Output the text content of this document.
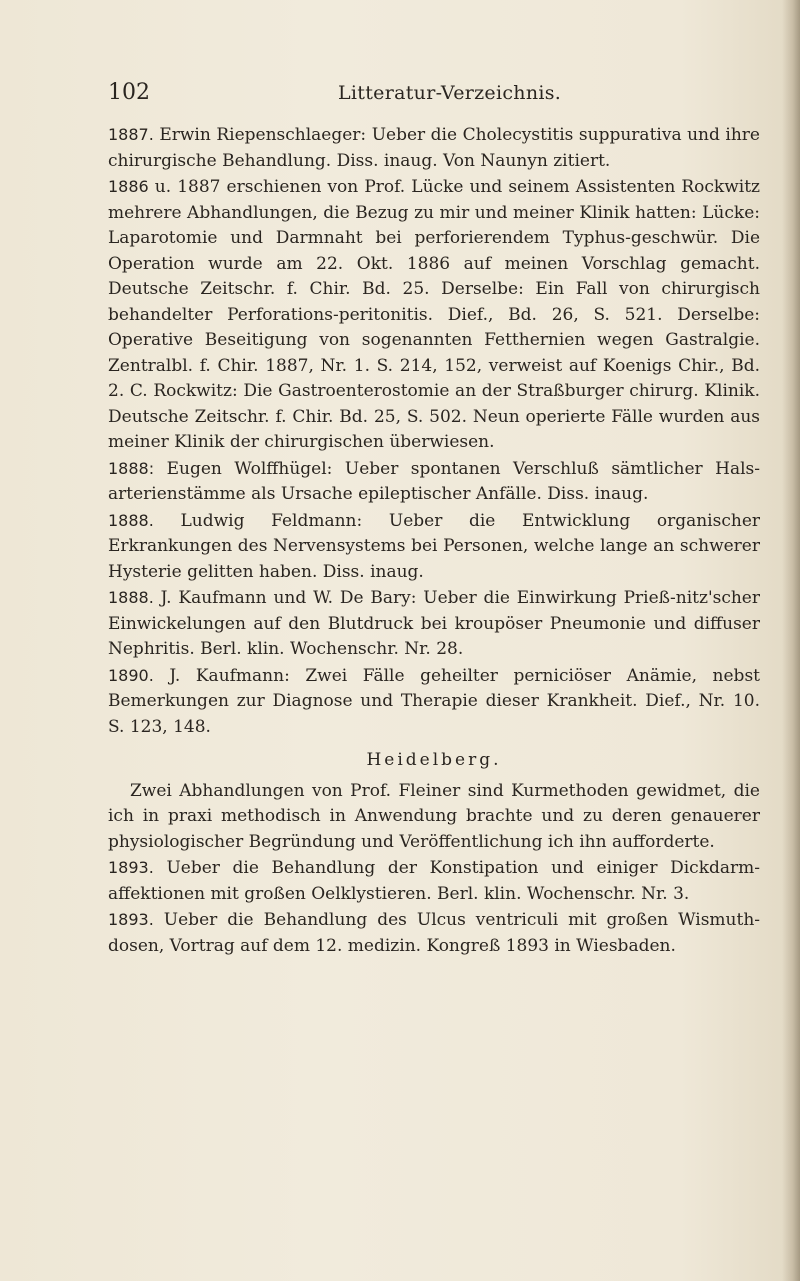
102	Litteratur-Verzeichnis.

1887. Erwin Riepenschlaeger: Ueber die Cholecystitis suppurativa und ihre chirurgische Behandlung. Diss. inaug. Von Naunyn zitiert.

1886 u. 1887 erschienen von Prof. Lücke und seinem Assistenten Rockwitz mehrere Abhandlungen, die Bezug zu mir und meiner Klinik hatten: Lücke: Laparotomie und Darmnaht bei perforierendem Typhus-geschwür. Die Operation wurde am 22. Okt. 1886 auf meinen Vorschlag gemacht. Deutsche Zeitschr. f. Chir. Bd. 25. Derselbe: Ein Fall von chirurgisch behandelter Perforations-peritonitis. Dief., Bd. 26, S. 521. Derselbe: Operative Beseitigung von sogenannten Fetthernien wegen Gastralgie. Zentralbl. f. Chir. 1887, Nr. 1. S. 214, 152, verweist auf Koenigs Chir., Bd. 2. C. Rockwitz: Die Gastroenterostomie an der Straßburger chirurg. Klinik. Deutsche Zeitschr. f. Chir. Bd. 25, S. 502. Neun operierte Fälle wurden aus meiner Klinik der chirurgischen überwiesen.

1888: Eugen Wolffhügel: Ueber spontanen Verschluß sämtlicher Hals-arterienstämme als Ursache epileptischer Anfälle. Diss. inaug.

1888. Ludwig Feldmann: Ueber die Entwicklung organischer Erkrankungen des Nervensystems bei Personen, welche lange an schwerer Hysterie gelitten haben. Diss. inaug.

1888. J. Kaufmann und W. De Bary: Ueber die Einwirkung Prieß-nitz'scher Einwickelungen auf den Blutdruck bei kroupöser Pneumonie und diffuser Nephritis. Berl. klin. Wochenschr. Nr. 28.

1890. J. Kaufmann: Zwei Fälle geheilter perniciöser Anämie, nebst Bemerkungen zur Diagnose und Therapie dieser Krankheit. Dief., Nr. 10. S. 123, 148.

Heidelberg.

Zwei Abhandlungen von Prof. Fleiner sind Kurmethoden gewidmet, die ich in praxi methodisch in Anwendung brachte und zu deren genauerer physiologischer Begründung und Veröffentlichung ich ihn aufforderte.

1893. Ueber die Behandlung der Konstipation und einiger Dickdarm-affektionen mit großen Oelklystieren. Berl. klin. Wochenschr. Nr. 3.

1893. Ueber die Behandlung des Ulcus ventriculi mit großen Wismuth-dosen, Vortrag auf dem 12. medizin. Kongreß 1893 in Wiesbaden.
